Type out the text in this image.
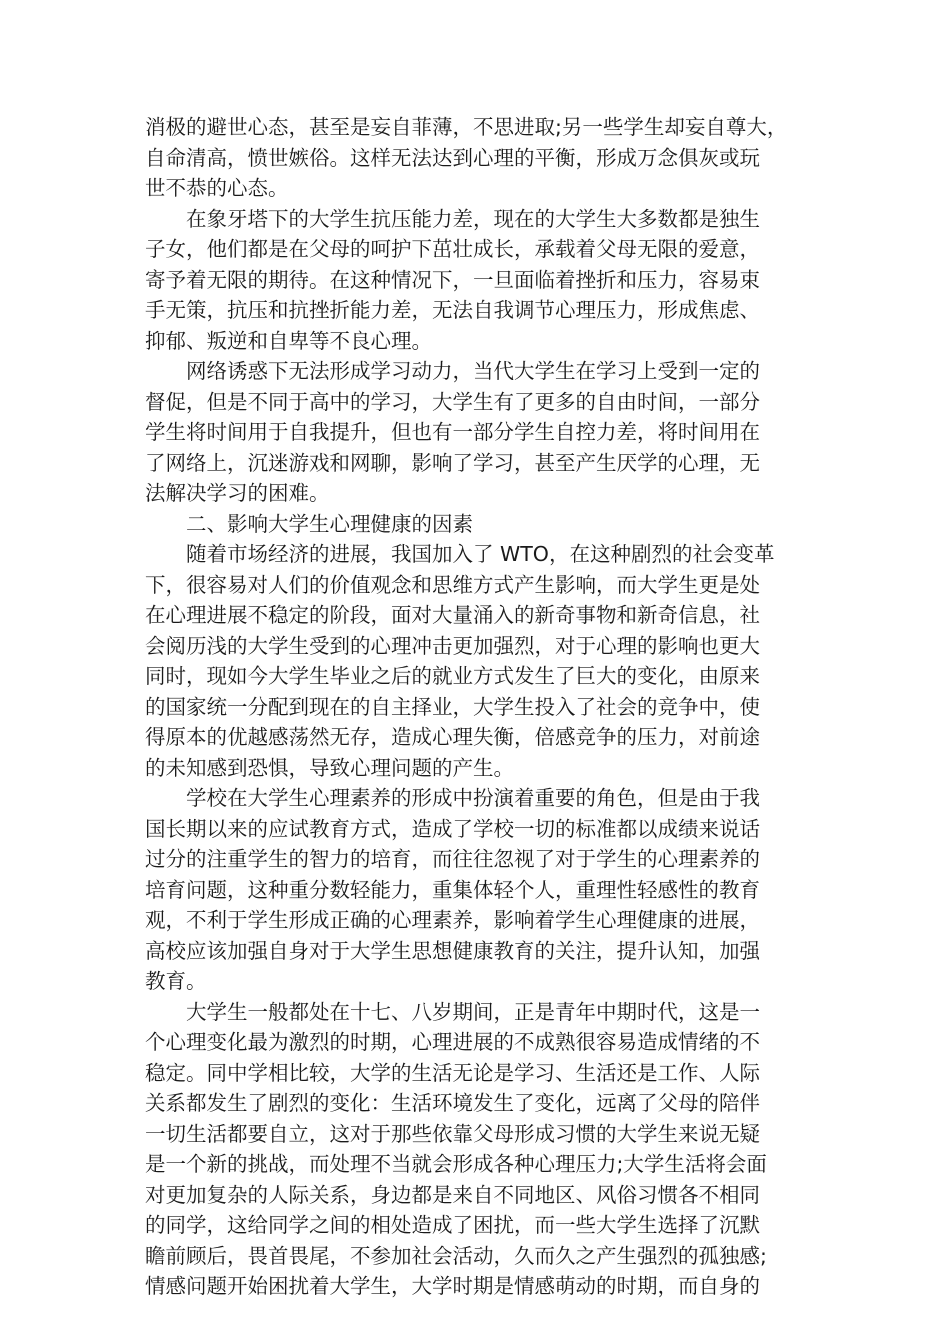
消极的避世心态，甚至是妄自菲薄，不思进取;另一些学生却妄自尊大，
自命清高，愤世嫉俗。这样无法达到心理的平衡，形成万念俱灰或玩
世不恭的心态。
在象牙塔下的大学生抗压能力差，现在的大学生大多数都是独生
子女，他们都是在父母的呵护下茁壮成长，承载着父母无限的爱意，
寄予着无限的期待。在这种情况下，一旦面临着挫折和压力，容易束
手无策，抗压和抗挫折能力差，无法自我调节心理压力，形成焦虑、
抑郁、叛逆和自卑等不良心理。
网络诱惑下无法形成学习动力，当代大学生在学习上受到一定的
督促，但是不同于高中的学习，大学生有了更多的自由时间，一部分
学生将时间用于自我提升，但也有一部分学生自控力差，将时间用在
了网络上，沉迷游戏和网聊，影响了学习，甚至产生厌学的心理，无
法解决学习的困难。
二、影响大学生心理健康的因素
随着市场经济的进展，我国加入了 WTO，在这种剧烈的社会变革
下，很容易对人们的价值观念和思维方式产生影响，而大学生更是处
在心理进展不稳定的阶段，面对大量涌入的新奇事物和新奇信息，社
会阅历浅的大学生受到的心理冲击更加强烈，对于心理的影响也更大
同时，现如今大学生毕业之后的就业方式发生了巨大的变化，由原来
的国家统一分配到现在的自主择业，大学生投入了社会的竞争中，使
得原本的优越感荡然无存，造成心理失衡，倍感竞争的压力，对前途
的未知感到恐惧，导致心理问题的产生。
学校在大学生心理素养的形成中扮演着重要的角色，但是由于我
国长期以来的应试教育方式，造成了学校一切的标准都以成绩来说话
过分的注重学生的智力的培育，而往往忽视了对于学生的心理素养的
培育问题，这种重分数轻能力，重集体轻个人，重理性轻感性的教育
观，不利于学生形成正确的心理素养，影响着学生心理健康的进展，
高校应该加强自身对于大学生思想健康教育的关注，提升认知，加强
教育。
大学生一般都处在十七、八岁期间，正是青年中期时代，这是一
个心理变化最为激烈的时期，心理进展的不成熟很容易造成情绪的不
稳定。同中学相比较，大学的生活无论是学习、生活还是工作、人际
关系都发生了剧烈的变化：生活环境发生了变化，远离了父母的陪伴
一切生活都要自立，这对于那些依靠父母形成习惯的大学生来说无疑
是一个新的挑战，而处理不当就会形成各种心理压力;大学生活将会面
对更加复杂的人际关系，身边都是来自不同地区、风俗习惯各不相同
的同学，这给同学之间的相处造成了困扰，而一些大学生选择了沉默
瞻前顾后，畏首畏尾，不参加社会活动，久而久之产生强烈的孤独感;
情感问题开始困扰着大学生，大学时期是情感萌动的时期，而自身的
